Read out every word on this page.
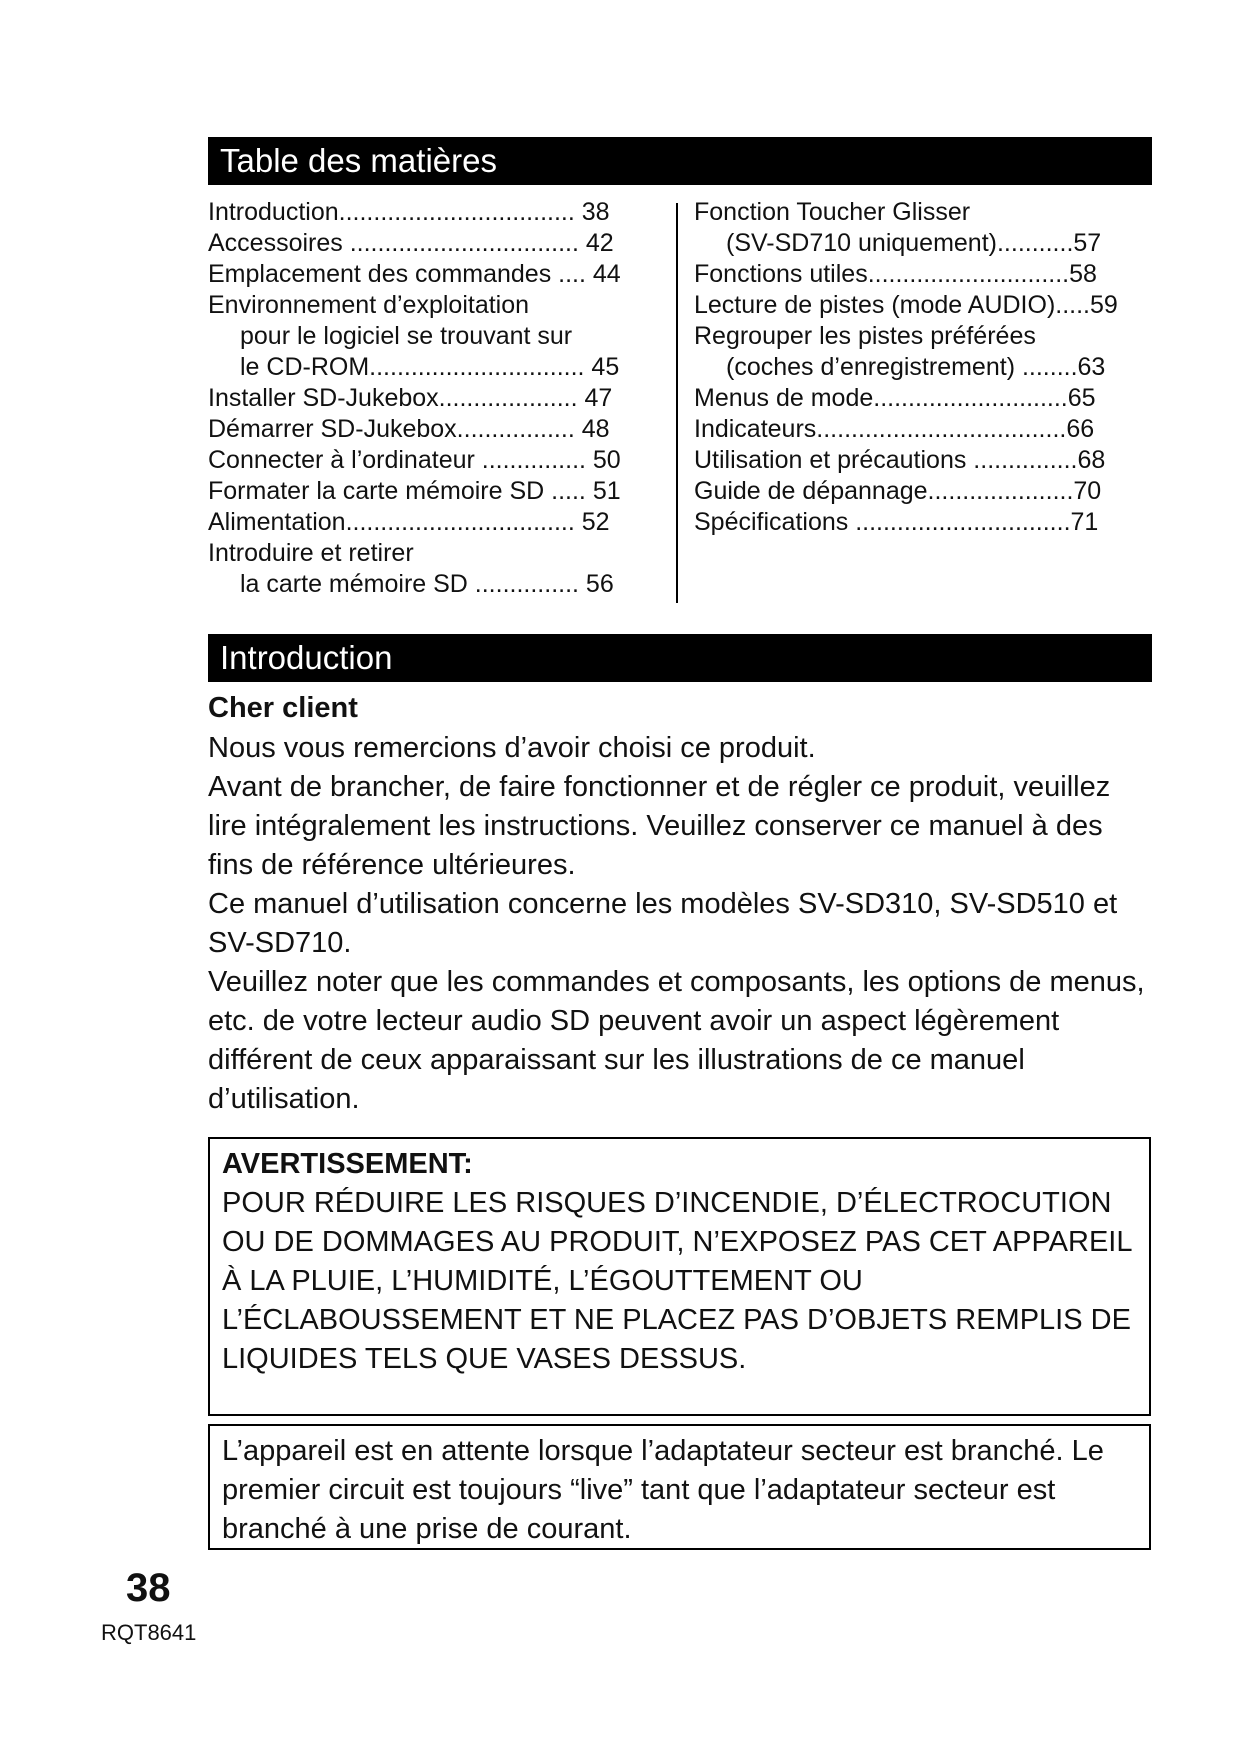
Table des matières
Introduction.................................. 38
Accessoires ................................. 42
Emplacement des commandes .... 44
Environnement d’exploitation
pour le logiciel se trouvant sur
le CD-ROM............................... 45
Installer SD-Jukebox.................... 47
Démarrer SD-Jukebox................. 48
Connecter à l’ordinateur ............... 50
Formater la carte mémoire SD ..... 51
Alimentation................................. 52
Introduire et retirer
la carte mémoire SD ............... 56
Fonction Toucher Glisser
(SV-SD710 uniquement)...........57
Fonctions utiles.............................58
Lecture de pistes (mode AUDIO).....59
Regrouper les pistes préférées
(coches d’enregistrement) ........63
Menus de mode............................65
Indicateurs....................................66
Utilisation et précautions ...............68
Guide de dépannage.....................70
Spécifications ...............................71
Introduction
Cher client

Nous vous remercions d’avoir choisi ce produit.

Avant de brancher, de faire fonctionner et de régler ce produit, veuillez lire intégralement les instructions. Veuillez conserver ce manuel à des fins de référence ultérieures.

Ce manuel d’utilisation concerne les modèles SV-SD310, SV-SD510 et SV-SD710.

Veuillez noter que les commandes et composants, les options de menus, etc. de votre lecteur audio SD peuvent avoir un aspect légèrement différent de ceux apparaissant sur les illustrations de ce manuel d’utilisation.

AVERTISSEMENT:

POUR RÉDUIRE LES RISQUES D’INCENDIE, D’ÉLECTROCUTION OU DE DOMMAGES AU PRODUIT, N’EXPOSEZ PAS CET APPAREIL À LA PLUIE, L’HUMIDITÉ, L’ÉGOUTTEMENT OU L’ÉCLABOUSSEMENT ET NE PLACEZ PAS D’OBJETS REMPLIS DE LIQUIDES TELS QUE VASES DESSUS.

L’appareil est en attente lorsque l’adaptateur secteur est branché. Le premier circuit est toujours “live” tant que l’adaptateur secteur est branché à une prise de courant.

38
RQT8641
